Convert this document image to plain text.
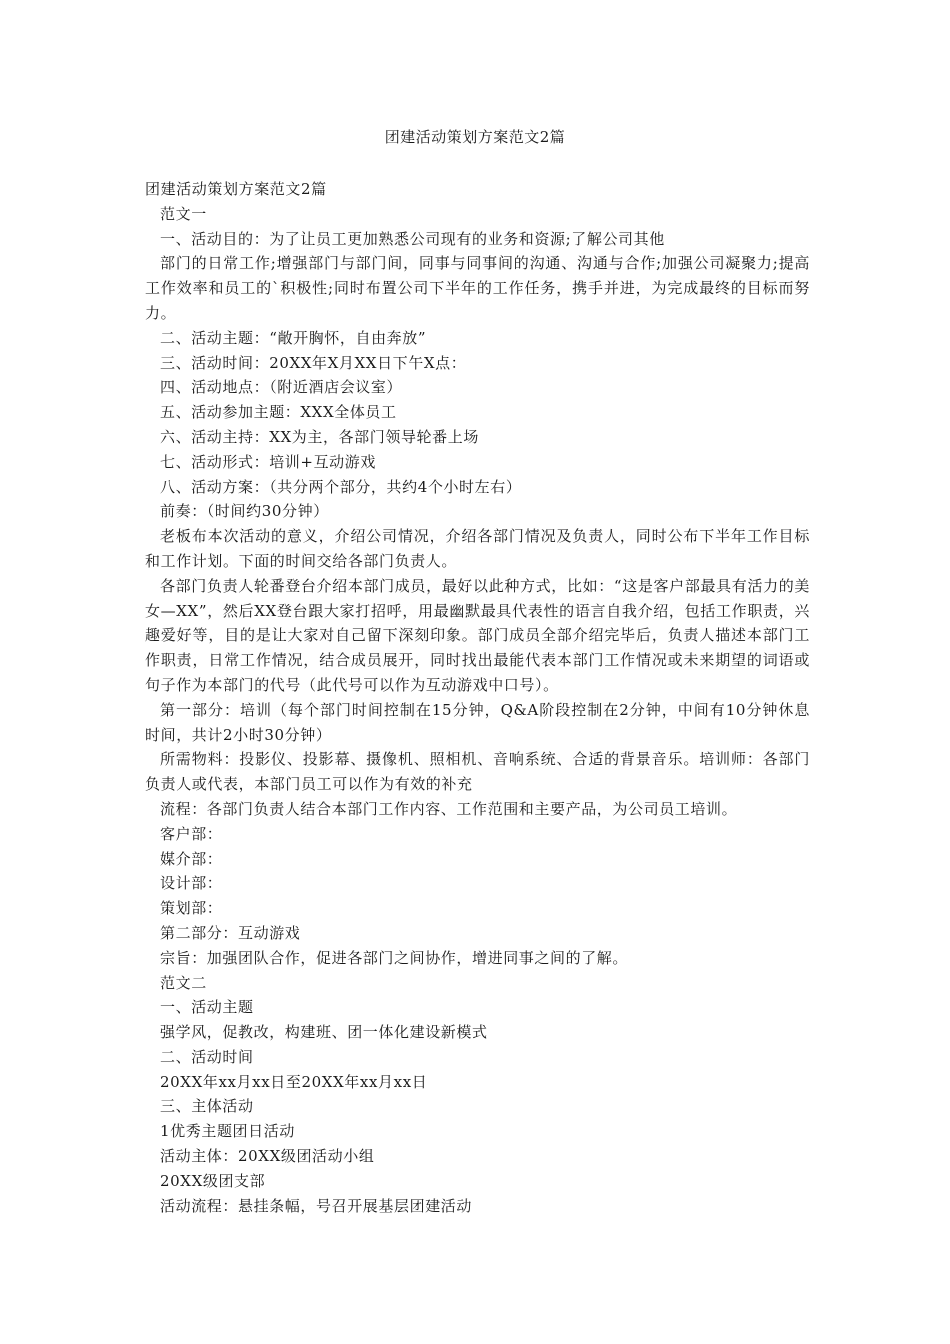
团建活动策划方案范文2篇

团建活动策划方案范文2篇

范文一

一、活动目的：为了让员工更加熟悉公司现有的业务和资源;了解公司其他

部门的日常工作;增强部门与部门间，同事与同事间的沟通、沟通与合作;加强公司凝聚力;提高工作效率和员工的`积极性;同时布置公司下半年的工作任务，携手并进，为完成最终的目标而努力。

二、活动主题：“敞开胸怀，自由奔放”

三、活动时间：20XX年X月XX日下午X点：

四、活动地点：（附近酒店会议室）

五、活动参加主题：XXX全体员工

六、活动主持：XX为主，各部门领导轮番上场

七、活动形式：培训+互动游戏

八、活动方案：（共分两个部分，共约4个小时左右）

前奏：（时间约30分钟）

老板布本次活动的意义，介绍公司情况，介绍各部门情况及负责人，同时公布下半年工作目标和工作计划。下面的时间交给各部门负责人。

各部门负责人轮番登台介绍本部门成员，最好以此种方式，比如：“这是客户部最具有活力的美女—XX”，然后XX登台跟大家打招呼，用最幽默最具代表性的语言自我介绍，包括工作职责，兴趣爱好等，目的是让大家对自己留下深刻印象。部门成员全部介绍完毕后，负责人描述本部门工作职责，日常工作情况，结合成员展开，同时找出最能代表本部门工作情况或未来期望的词语或句子作为本部门的代号（此代号可以作为互动游戏中口号）。

第一部分：培训（每个部门时间控制在15分钟，Q&A阶段控制在2分钟，中间有10分钟休息时间，共计2小时30分钟）

所需物料：投影仪、投影幕、摄像机、照相机、音响系统、合适的背景音乐。培训师：各部门负责人或代表，本部门员工可以作为有效的补充

流程：各部门负责人结合本部门工作内容、工作范围和主要产品，为公司员工培训。

客户部：

媒介部：

设计部：

策划部：

第二部分：互动游戏

宗旨：加强团队合作，促进各部门之间协作，增进同事之间的了解。

范文二

一、活动主题

强学风，促教改，构建班、团一体化建设新模式

二、活动时间

20XX年xx月xx日至20XX年xx月xx日

三、主体活动

1优秀主题团日活动

活动主体：20XX级团活动小组

20XX级团支部

活动流程：悬挂条幅，号召开展基层团建活动
